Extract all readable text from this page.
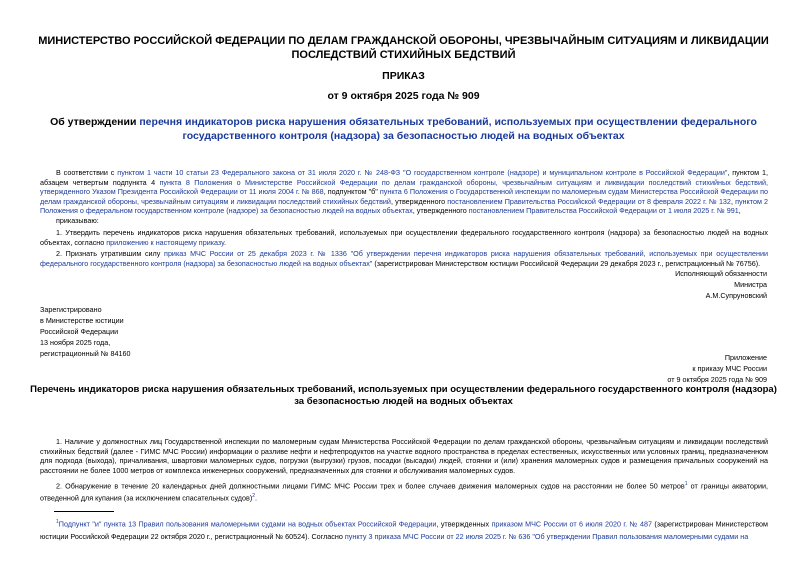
МИНИСТЕРСТВО РОССИЙСКОЙ ФЕДЕРАЦИИ ПО ДЕЛАМ ГРАЖДАНСКОЙ ОБОРОНЫ, ЧРЕЗВЫЧАЙНЫМ СИТУАЦИЯМ И ЛИКВИДАЦИИ ПОСЛЕДСТВИЙ СТИХИЙНЫХ БЕДСТВИЙ
ПРИКАЗ
от 9 октября 2025 года № 909
Об утверждении перечня индикаторов риска нарушения обязательных требований, используемых при осуществлении федерального государственного контроля (надзора) за безопасностью людей на водных объектах
В соответствии с пунктом 1 части 10 статьи 23 Федерального закона от 31 июля 2020 г. № 248-ФЗ "О государственном контроле (надзоре) и муниципальном контроле в Российской Федерации", пунктом 1, абзацем четвертым подпункта 4 пункта 8 Положения о Министерстве Российской Федерации по делам гражданской обороны, чрезвычайным ситуациям и ликвидации последствий стихийных бедствий, утвержденного Указом Президента Российской Федерации от 11 июля 2004 г. № 868, подпунктом "б" пункта 6 Положения о Государственной инспекции по маломерным судам Министерства Российской Федерации по делам гражданской обороны, чрезвычайным ситуациям и ликвидации последствий стихийных бедствий, утвержденного постановлением Правительства Российской Федерации от 8 февраля 2022 г. № 132, пунктом 2 Положения о федеральном государственном контроле (надзоре) за безопасностью людей на водных объектах, утвержденного постановлением Правительства Российской Федерации от 1 июля 2025 г. № 991,
приказываю:
1. Утвердить перечень индикаторов риска нарушения обязательных требований, используемых при осуществлении федерального государственного контроля (надзора) за безопасностью людей на водных объектах, согласно приложению к настоящему приказу.
2. Признать утратившим силу приказ МЧС России от 25 декабря 2023 г. № 1336 "Об утверждении перечня индикаторов риска нарушения обязательных требований, используемых при осуществлении федерального государственного контроля (надзора) за безопасностью людей на водных объектах" (зарегистрирован Министерством юстиции Российской Федерации 29 декабря 2023 г., регистрационный № 76756).
Исполняющий обязанности
Министра
А.М.Супруновский
Зарегистрировано
в Министерстве юстиции
Российской Федерации
13 ноября 2025 года,
регистрационный № 84160	Приложение
к приказу МЧС России
от 9 октября 2025 года № 909
Перечень индикаторов риска нарушения обязательных требований, используемых при осуществлении федерального государственного контроля (надзора) за безопасностью людей на водных объектах
1. Наличие у должностных лиц Государственной инспекции по маломерным судам Министерства Российской Федерации по делам гражданской обороны, чрезвычайным ситуациям и ликвидации последствий стихийных бедствий (далее - ГИМС МЧС России) информации о разливе нефти и нефтепродуктов на участке водного пространства в пределах естественных, искусственных или условных границ, предназначенном для подхода (выхода), причаливания, швартовки маломерных судов, погрузки (выгрузки) грузов, посадки (высадки) людей, стоянки и (или) хранения маломерных судов и размещения причальных сооружений на расстоянии не более 1000 метров от комплекса инженерных сооружений, предназначенных для стоянки и обслуживания маломерных судов.
2. Обнаружение в течение 20 календарных дней должностными лицами ГИМС МЧС России трех и более случаев движения маломерных судов на расстоянии не более 50 метров$^1$ от границы акватории, отведенной для купания (за исключением спасательных судов)$^2$.
$^1$Подпункт "и" пункта 13 Правил пользования маломерными судами на водных объектах Российской Федерации, утвержденных приказом МЧС России от 6 июля 2020 г. № 487 (зарегистрирован Министерством юстиции Российской Федерации 22 октября 2020 г., регистрационный № 60524). Согласно пункту 3 приказа МЧС России от 22 июля 2025 г. № 636 "Об утверждении Правил пользования маломерными судами на
